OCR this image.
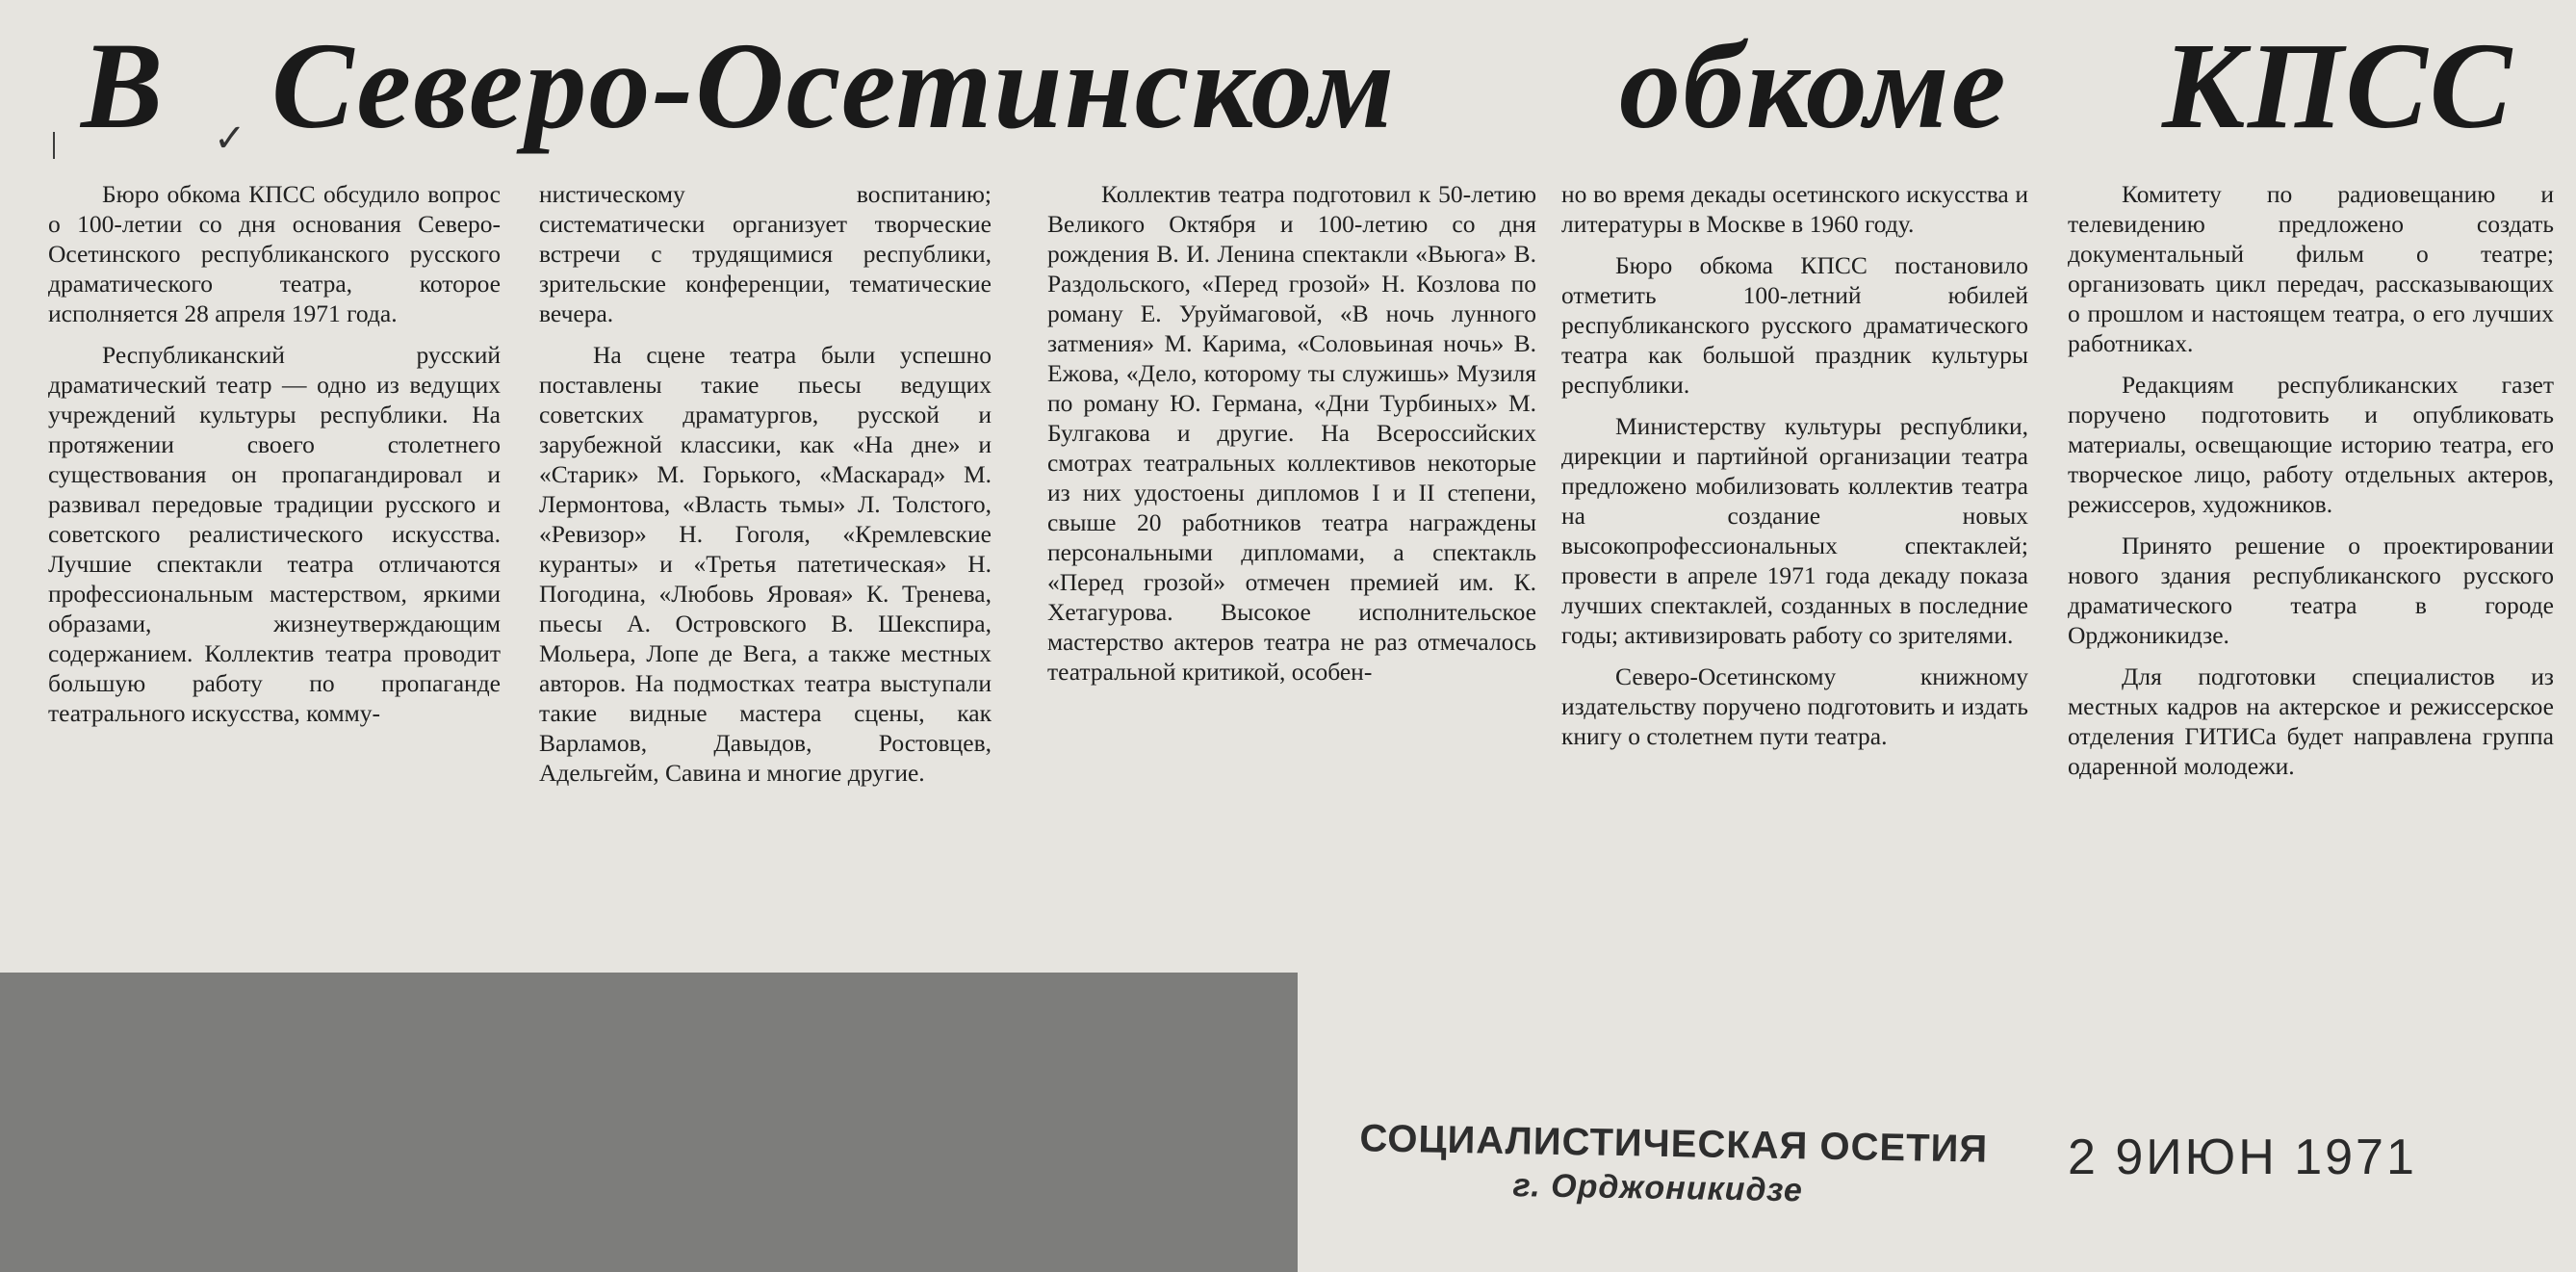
В Северо-Осетинском обкоме КПСС
ǀ	✓

Бюро обкома КПСС обсудило вопрос о 100-летии со дня основания Северо-Осетинского республиканского русского драматического театра, которое исполняется 28 апреля 1971 года.

Республиканский русский драматический театр — одно из ведущих учреждений культуры республики. На протяжении своего столетнего существования он пропагандировал и развивал передовые традиции русского и советского реалистического искусства. Лучшие спектакли театра отличаются профессиональным мастерством, яркими образами, жизнеутверждающим содержанием. Коллектив театра проводит большую работу по пропаганде театрального искусства, комму-

нистическому воспитанию; систематически организует творческие встречи с трудящимися республики, зрительские конференции, тематические вечера.

На сцене театра были успешно поставлены такие пьесы ведущих советских драматургов, русской и зарубежной классики, как «На дне» и «Старик» М. Горького, «Маскарад» М. Лермонтова, «Власть тьмы» Л. Толстого, «Ревизор» Н. Гоголя, «Кремлевские куранты» и «Третья патетическая» Н. Погодина, «Любовь Яровая» К. Тренева, пьесы А. Островского В. Шекспира, Мольера, Лопе де Вега, а также местных авторов. На подмостках театра выступали такие видные мастера сцены, как Варламов, Давыдов, Ростовцев, Адельгейм, Савина и многие другие.

Коллектив театра подготовил к 50-летию Великого Октября и 100-летию со дня рождения В. И. Ленина спектакли «Вьюга» В. Раздольского, «Перед грозой» Н. Козлова по роману Е. Уруймаговой, «В ночь лунного затмения» М. Карима, «Соловьиная ночь» В. Ежова, «Дело, которому ты служишь» Музиля по роману Ю. Германа, «Дни Турбиных» М. Булгакова и другие. На Всероссийских смотрах театральных коллективов некоторые из них удостоены дипломов I и II степени, свыше 20 работников театра награждены персональными дипломами, а спектакль «Перед грозой» отмечен премией им. К. Хетагурова. Высокое исполнительское мастерство актеров театра не раз отмечалось театральной критикой, особен-

но во время декады осетинского искусства и литературы в Москве в 1960 году.

Бюро обкома КПСС постановило отметить 100-летний юбилей республиканского русского драматического театра как большой праздник культуры республики.

Министерству культуры республики, дирекции и партийной организации театра предложено мобилизовать коллектив театра на создание новых высокопрофессиональных спектаклей; провести в апреле 1971 года декаду показа лучших спектаклей, созданных в последние годы; активизировать работу со зрителями.

Северо-Осетинскому книжному издательству поручено подготовить и издать книгу о столетнем пути театра.

Комитету по радиовещанию и телевидению предложено создать документальный фильм о театре; организовать цикл передач, рассказывающих о прошлом и настоящем театра, о его лучших работниках.

Редакциям республиканских газет поручено подготовить и опубликовать материалы, освещающие историю театра, его творческое лицо, работу отдельных актеров, режиссеров, художников.

Принято решение о проектировании нового здания республиканского русского драматического театра в городе Орджоникидзе.

Для подготовки специалистов из местных кадров на актерское и режиссерское отделения ГИТИСа будет направлена группа одаренной молодежи.

СОЦИАЛИСТИЧЕСКАЯ ОСЕТИЯ
г. Орджоникидзе
2 9ИЮН 1971
